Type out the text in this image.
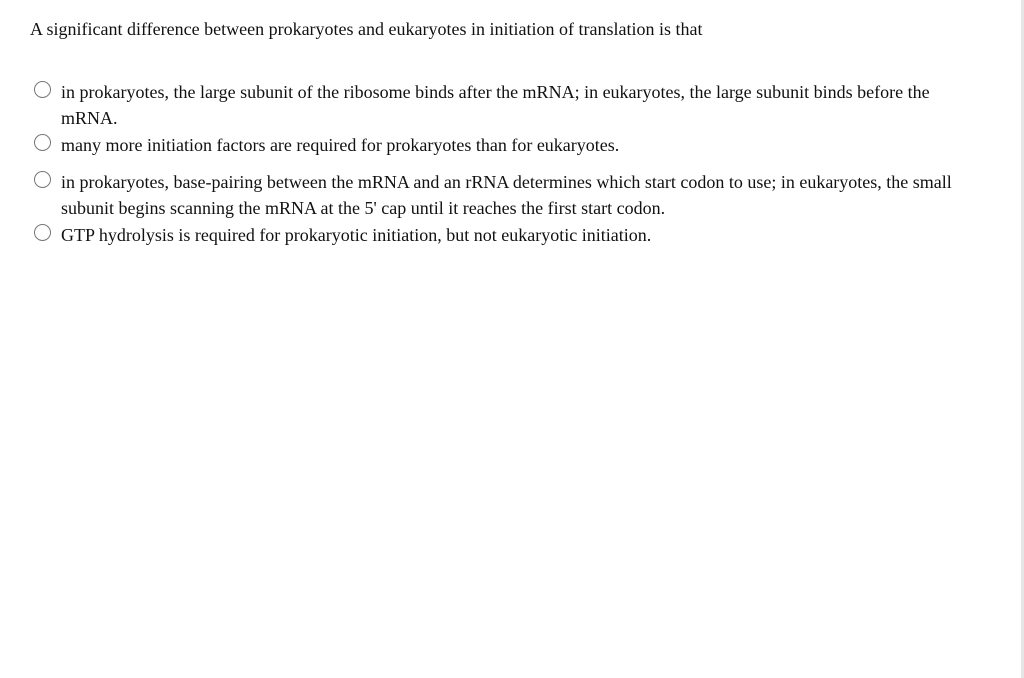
A significant difference between prokaryotes and eukaryotes in initiation of translation is that

in prokaryotes, the large subunit of the ribosome binds after the mRNA; in eukaryotes, the large subunit binds before the mRNA.
many more initiation factors are required for prokaryotes than for eukaryotes.
in prokaryotes, base-pairing between the mRNA and an rRNA determines which start codon to use; in eukaryotes, the small subunit begins scanning the mRNA at the 5' cap until it reaches the first start codon.
GTP hydrolysis is required for prokaryotic initiation, but not eukaryotic initiation.
